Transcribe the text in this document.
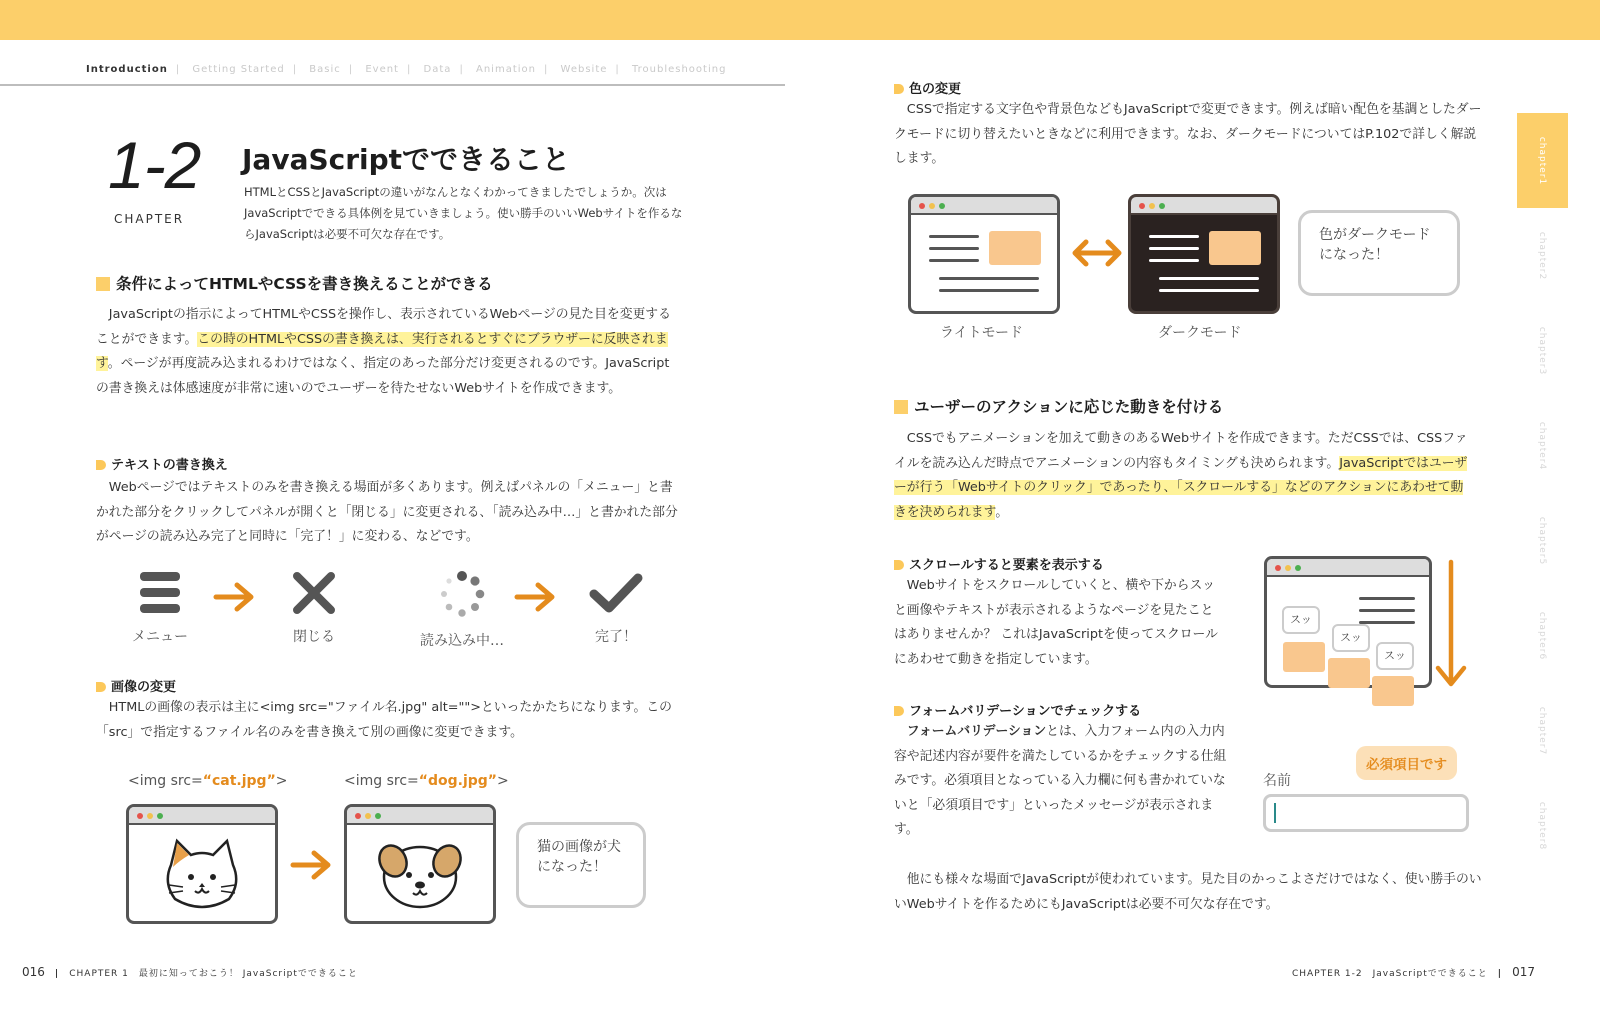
Introduction | Getting Started | Basic | Event | Data | Animation | Website | Troubleshooting
1-2
CHAPTER
JavaScriptでできること
HTMLとCSSとJavaScriptの違いがなんとなくわかってきましたでしょうか。次はJavaScriptでできる具体例を見ていきましょう。使い勝手のいいWebサイトを作るならJavaScriptは必要不可欠な存在です。
条件によってHTMLやCSSを書き換えることができる
JavaScriptの指示によってHTMLやCSSを操作し、表示されているWebページの見た目を変更することができます。この時のHTMLやCSSの書き換えは、実行されるとすぐにブラウザーに反映されます。ページが再度読み込まれるわけではなく、指定のあった部分だけ変更されるのです。JavaScriptの書き換えは体感速度が非常に速いのでユーザーを待たせないWebサイトを作成できます。
テキストの書き換え
Webページではテキストのみを書き換える場面が多くあります。例えばパネルの「メニュー」と書かれた部分をクリックしてパネルが開くと「閉じる」に変更される、「読み込み中…」と書かれた部分がページの読み込み完了と同時に「完了！」に変わる、などです。
メニュー	閉じる	読み込み中…	完了！
画像の変更
HTMLの画像の表示は主に<img src="ファイル名.jpg" alt="">といったかたちになります。この「src」で指定するファイル名のみを書き換えて別の画像に変更できます。
<img src=“cat.jpg”>	<img src=“dog.jpg”>
猫の画像が犬になった！
016　 |　 CHAPTER 1　最初に知っておこう！ JavaScriptでできること
色の変更
CSSで指定する文字色や背景色などもJavaScriptで変更できます。例えば暗い配色を基調としたダークモードに切り替えたいときなどに利用できます。なお、ダークモードについてはP.102で詳しく解説します。
ライトモード	ダークモード
色がダークモードになった！
ユーザーのアクションに応じた動きを付ける
CSSでもアニメーションを加えて動きのあるWebサイトを作成できます。ただCSSでは、CSSファイルを読み込んだ時点でアニメーションの内容もタイミングも決められます。JavaScriptではユーザーが行う「Webサイトのクリック」であったり、「スクロールする」などのアクションにあわせて動きを決められます。
スクロールすると要素を表示する
Webサイトをスクロールしていくと、横や下からスッと画像やテキストが表示されるようなページを見たことはありませんか？ これはJavaScriptを使ってスクロールにあわせて動きを指定しています。
スッ
スッ
スッ
フォームバリデーションでチェックする
フォームバリデーションとは、入力フォーム内の入力内容や記述内容が要件を満たしているかをチェックする仕組みです。必須項目となっている入力欄に何も書かれていないと「必須項目です」といったメッセージが表示されます。
必須項目です
名前
他にも様々な場面でJavaScriptが使われています。見た目のかっこよさだけではなく、使い勝手のいいWebサイトを作るためにもJavaScriptは必要不可欠な存在です。
CHAPTER 1-2　JavaScriptでできること　 |　 017
chapter1
chapter2
chapter3
chapter4
chapter5
chapter6
chapter7
chapter8
